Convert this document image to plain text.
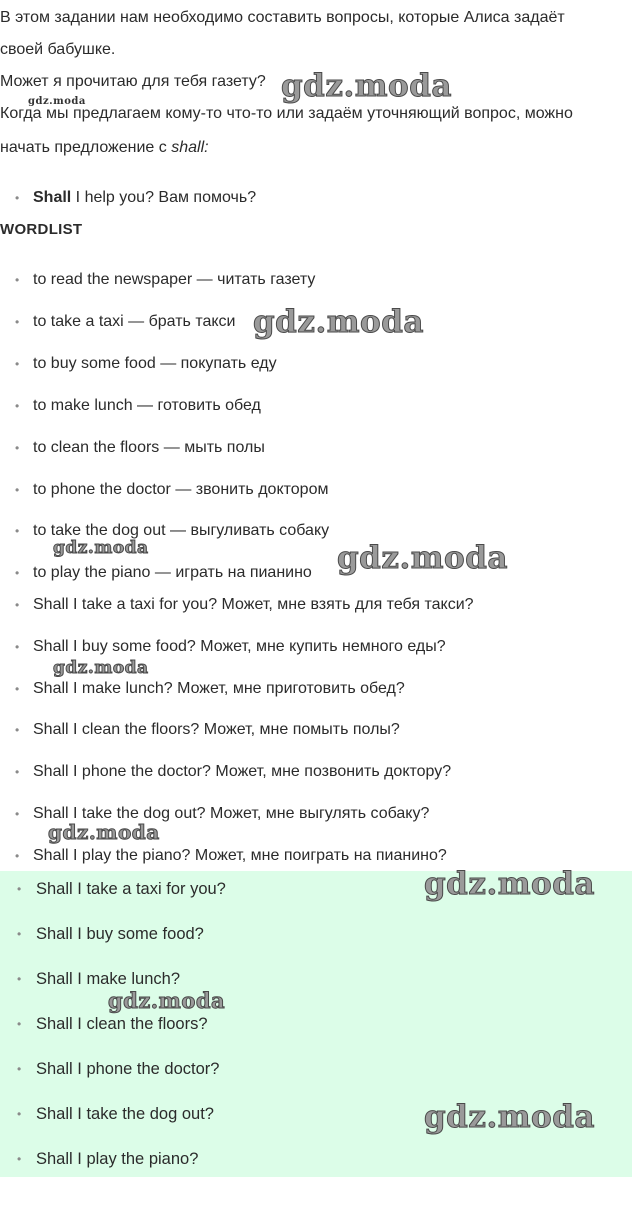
В этом задании нам необходимо составить вопросы, которые Алиса задаёт

своей бабушке.

Может я прочитаю для тебя газету?

Когда мы предлагаем кому-то что-то или задаём уточняющий вопрос, можно

начать предложение с shall:

• Shall I help you? Вам помочь?
WORDLIST
• to read the newspaper — читать газету
• to take a taxi — брать такси
• to buy some food — покупать еду
• to make lunch — готовить обед
• to clean the floors — мыть полы
• to phone the doctor — звонить доктором
• to take the dog out — выгуливать собаку
• to play the piano — играть на пианино
• Shall I take a taxi for you? Может, мне взять для тебя такси?
• Shall I buy some food? Может, мне купить немного еды?
• Shall I make lunch? Может, мне приготовить обед?
• Shall I clean the floors? Может, мне помыть полы?
• Shall I phone the doctor? Может, мне позвонить доктору?
• Shall I take the dog out? Может, мне выгулять собаку?
• Shall I play the piano? Может, мне поиграть на пианино?
• Shall I take a taxi for you?
• Shall I buy some food?
• Shall I make lunch?
• Shall I clean the floors?
• Shall I phone the doctor?
• Shall I take the dog out?
• Shall I play the piano?
gdz.moda
gdz.moda
gdz.moda
gdz.moda	gdz.moda
gdz.moda
gdz.moda
gdz.moda
gdz.moda
gdz.moda
